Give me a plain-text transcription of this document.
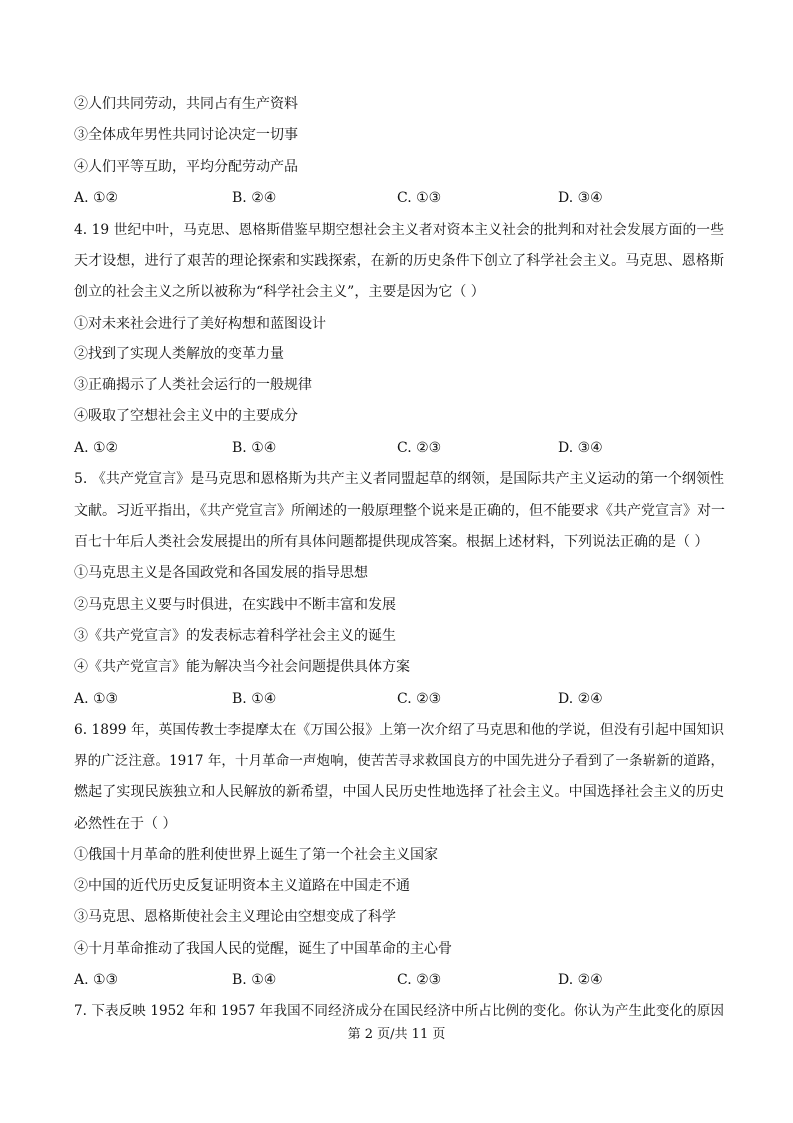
②人们共同劳动，共同占有生产资料
③全体成年男性共同讨论决定一切事
④人们平等互助，平均分配劳动产品
A. ①②	B. ②④	C. ①③	D. ③④
4. 19 世纪中叶，马克思、恩格斯借鉴早期空想社会主义者对资本主义社会的批判和对社会发展方面的一些
天才设想，进行了艰苦的理论探索和实践探索，在新的历史条件下创立了科学社会主义。马克思、恩格斯
创立的社会主义之所以被称为“科学社会主义”，主要是因为它（ ）
①对未来社会进行了美好构想和蓝图设计
②找到了实现人类解放的变革力量
③正确揭示了人类社会运行的一般规律
④吸取了空想社会主义中的主要成分
A. ①②	B. ①④	C. ②③	D. ③④
5. 《共产党宣言》是马克思和恩格斯为共产主义者同盟起草的纲领，是国际共产主义运动的第一个纲领性
文献。习近平指出，《共产党宣言》所阐述的一般原理整个说来是正确的，但不能要求《共产党宣言》对一
百七十年后人类社会发展提出的所有具体问题都提供现成答案。根据上述材料，下列说法正确的是（ ）
①马克思主义是各国政党和各国发展的指导思想
②马克思主义要与时俱进，在实践中不断丰富和发展
③《共产党宣言》的发表标志着科学社会主义的诞生
④《共产党宣言》能为解决当今社会问题提供具体方案
A. ①③	B. ①④	C. ②③	D. ②④
6. 1899 年，英国传教士李提摩太在《万国公报》上第一次介绍了马克思和他的学说，但没有引起中国知识
界的广泛注意。1917 年，十月革命一声炮响，使苦苦寻求救国良方的中国先进分子看到了一条崭新的道路，
燃起了实现民族独立和人民解放的新希望，中国人民历史性地选择了社会主义。中国选择社会主义的历史
必然性在于（ ）
①俄国十月革命的胜利使世界上诞生了第一个社会主义国家
②中国的近代历史反复证明资本主义道路在中国走不通
③马克思、恩格斯使社会主义理论由空想变成了科学
④十月革命推动了我国人民的觉醒，诞生了中国革命的主心骨
A. ①③	B. ①④	C. ②③	D. ②④
7. 下表反映 1952 年和 1957 年我国不同经济成分在国民经济中所占比例的变化。你认为产生此变化的原因
第 2 页/共 11 页
